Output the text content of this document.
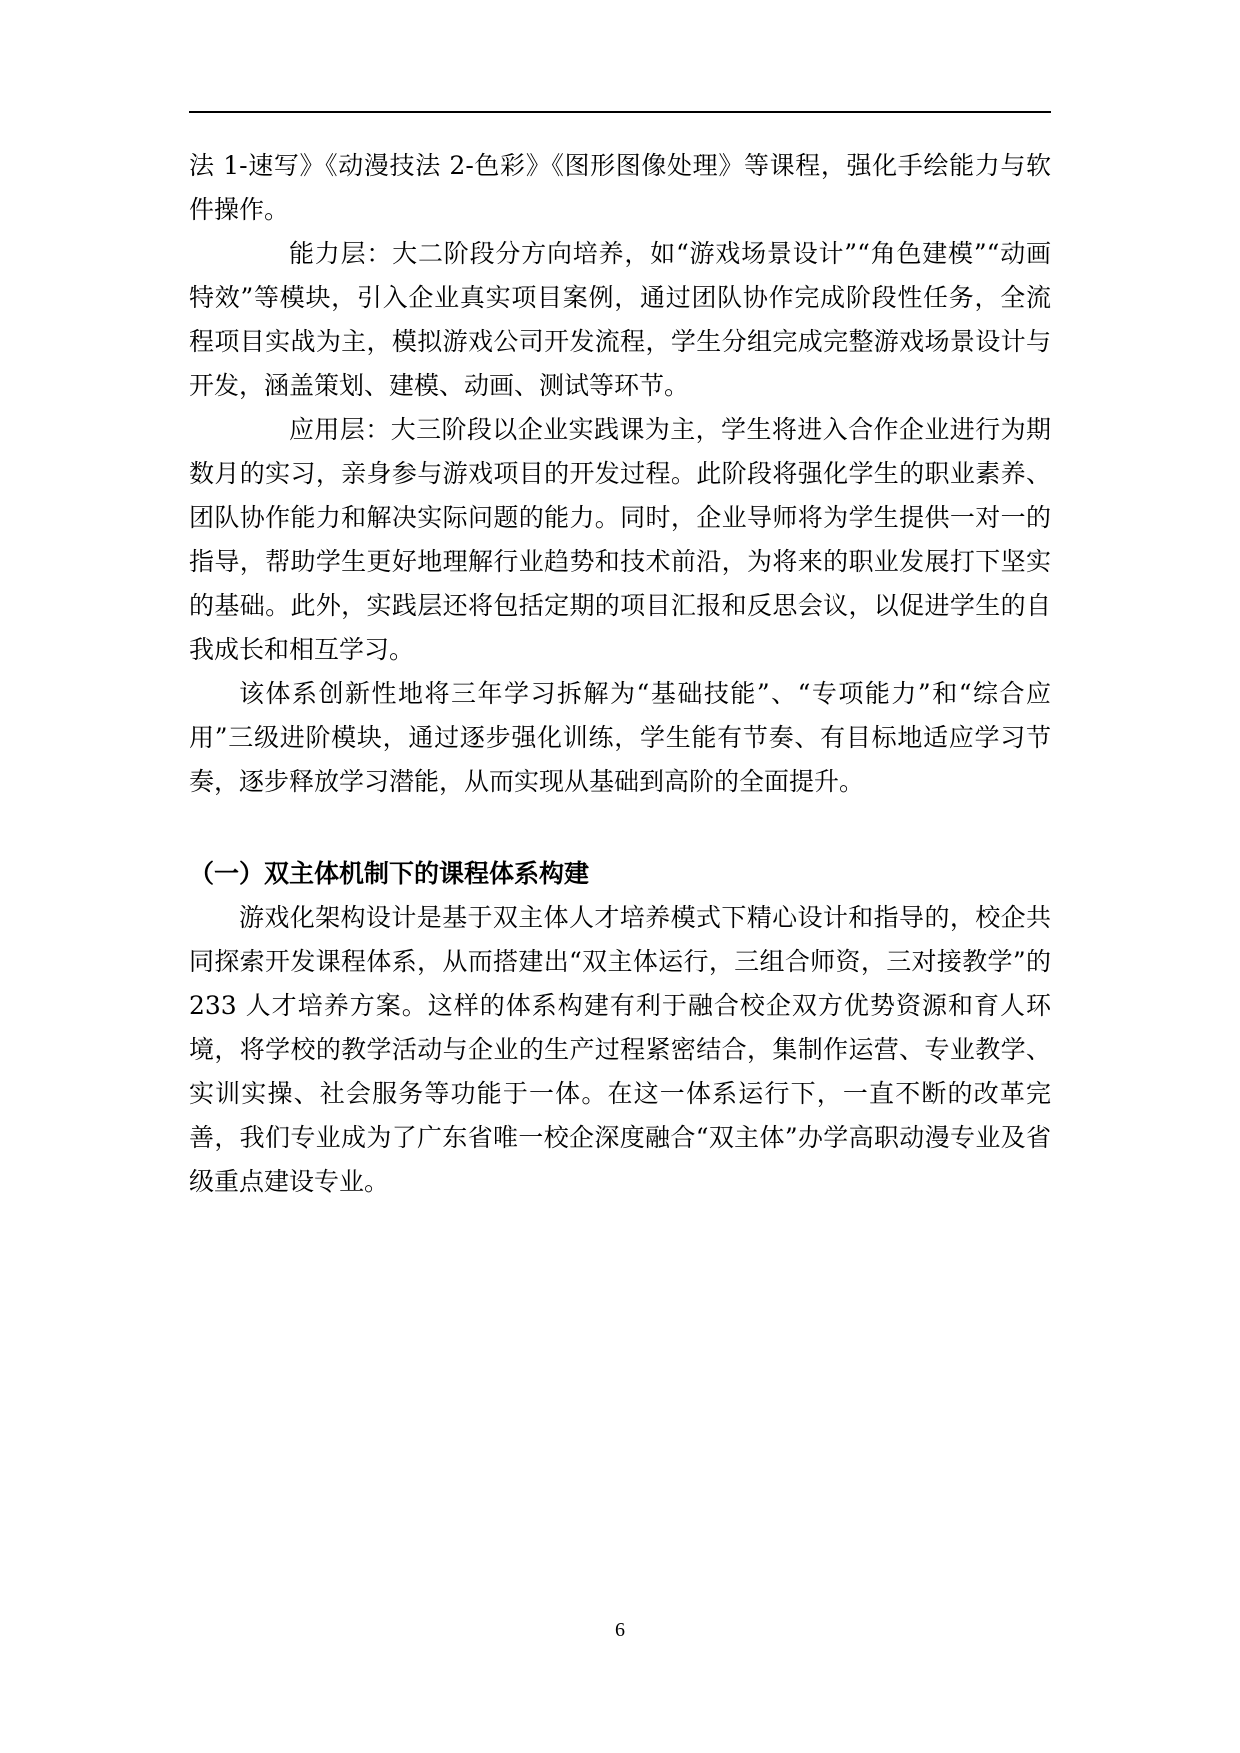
法 1-速写》《动漫技法 2-色彩》《图形图像处理》等课程，强化手绘能力与软件操作。

能力层：大二阶段分方向培养，如“游戏场景设计”“角色建模”“动画特效”等模块，引入企业真实项目案例，通过团队协作完成阶段性任务，全流程项目实战为主，模拟游戏公司开发流程，学生分组完成完整游戏场景设计与开发，涵盖策划、建模、动画、测试等环节。

应用层：大三阶段以企业实践课为主，学生将进入合作企业进行为期数月的实习，亲身参与游戏项目的开发过程。此阶段将强化学生的职业素养、团队协作能力和解决实际问题的能力。同时，企业导师将为学生提供一对一的指导，帮助学生更好地理解行业趋势和技术前沿，为将来的职业发展打下坚实的基础。此外，实践层还将包括定期的项目汇报和反思会议，以促进学生的自我成长和相互学习。

该体系创新性地将三年学习拆解为“基础技能”、“专项能力”和“综合应用”三级进阶模块，通过逐步强化训练，学生能有节奏、有目标地适应学习节奏，逐步释放学习潜能，从而实现从基础到高阶的全面提升。

（一）双主体机制下的课程体系构建

游戏化架构设计是基于双主体人才培养模式下精心设计和指导的，校企共同探索开发课程体系，从而搭建出“双主体运行，三组合师资，三对接教学”的 233 人才培养方案。这样的体系构建有利于融合校企双方优势资源和育人环境，将学校的教学活动与企业的生产过程紧密结合，集制作运营、专业教学、实训实操、社会服务等功能于一体。在这一体系运行下，一直不断的改革完善，我们专业成为了广东省唯一校企深度融合“双主体”办学高职动漫专业及省级重点建设专业。

6
